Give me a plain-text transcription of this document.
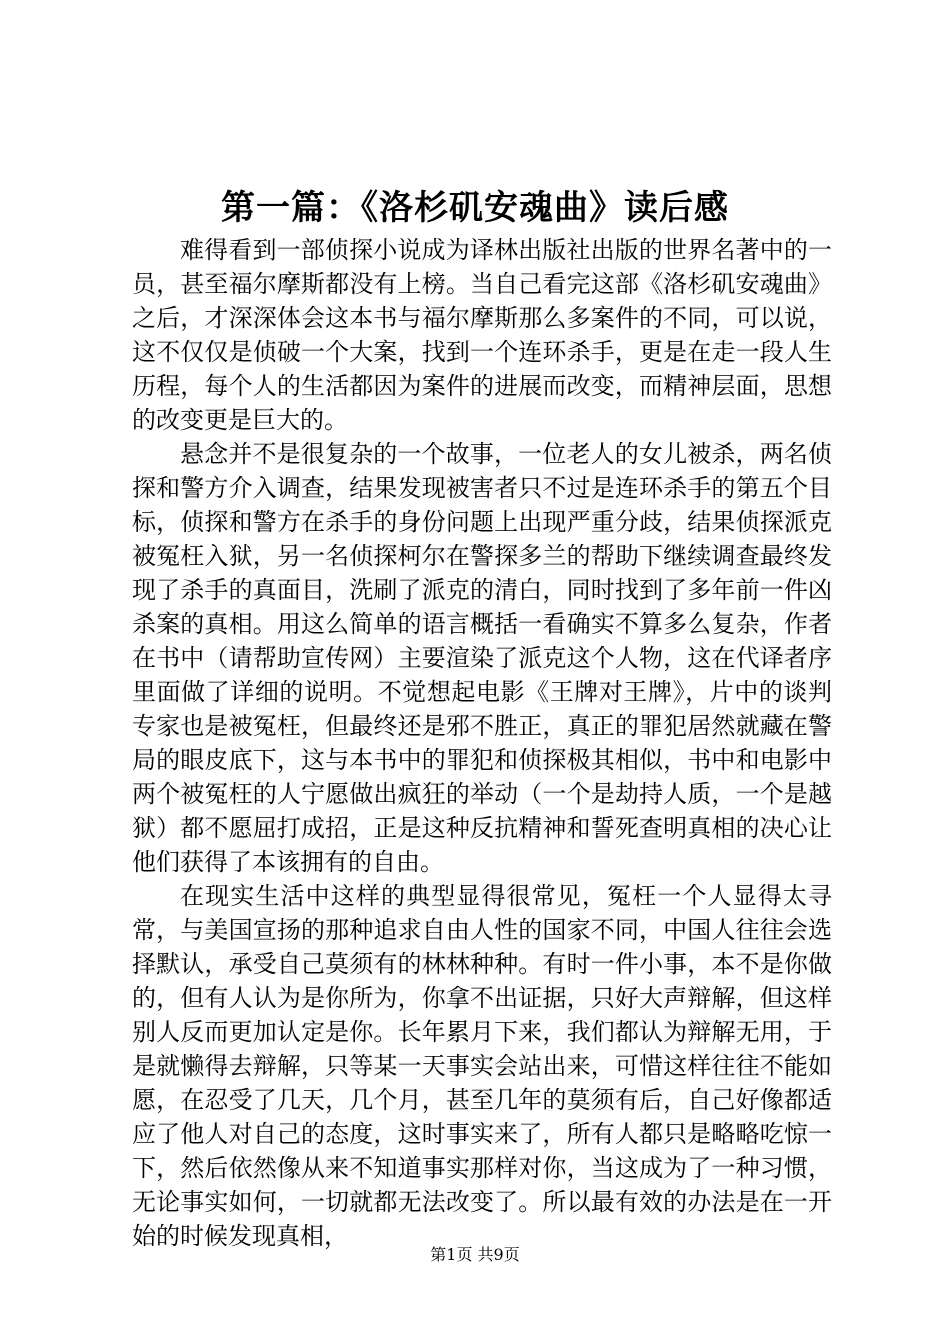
第一篇：《洛杉矶安魂曲》读后感

难得看到一部侦探小说成为译林出版社出版的世界名著中的一员，甚至福尔摩斯都没有上榜。当自己看完这部《洛杉矶安魂曲》之后，才深深体会这本书与福尔摩斯那么多案件的不同，可以说，这不仅仅是侦破一个大案，找到一个连环杀手，更是在走一段人生历程，每个人的生活都因为案件的进展而改变，而精神层面，思想的改变更是巨大的。

悬念并不是很复杂的一个故事，一位老人的女儿被杀，两名侦探和警方介入调查，结果发现被害者只不过是连环杀手的第五个目标，侦探和警方在杀手的身份问题上出现严重分歧，结果侦探派克被冤枉入狱，另一名侦探柯尔在警探多兰的帮助下继续调查最终发现了杀手的真面目，洗刷了派克的清白，同时找到了多年前一件凶杀案的真相。用这么简单的语言概括一看确实不算多么复杂，作者在书中（请帮助宣传网）主要渲染了派克这个人物，这在代译者序里面做了详细的说明。不觉想起电影《王牌对王牌》，片中的谈判专家也是被冤枉，但最终还是邪不胜正，真正的罪犯居然就藏在警局的眼皮底下，这与本书中的罪犯和侦探极其相似，书中和电影中两个被冤枉的人宁愿做出疯狂的举动（一个是劫持人质，一个是越狱）都不愿屈打成招，正是这种反抗精神和誓死查明真相的决心让他们获得了本该拥有的自由。

在现实生活中这样的典型显得很常见，冤枉一个人显得太寻常，与美国宣扬的那种追求自由人性的国家不同，中国人往往会选择默认，承受自己莫须有的林林种种。有时一件小事，本不是你做的，但有人认为是你所为，你拿不出证据，只好大声辩解，但这样别人反而更加认定是你。长年累月下来，我们都认为辩解无用，于是就懒得去辩解，只等某一天事实会站出来，可惜这样往往不能如愿，在忍受了几天，几个月，甚至几年的莫须有后，自己好像都适应了他人对自己的态度，这时事实来了，所有人都只是略略吃惊一下，然后依然像从来不知道事实那样对你，当这成为了一种习惯，无论事实如何，一切就都无法改变了。所以最有效的办法是在一开始的时候发现真相，

第1页 共9页
